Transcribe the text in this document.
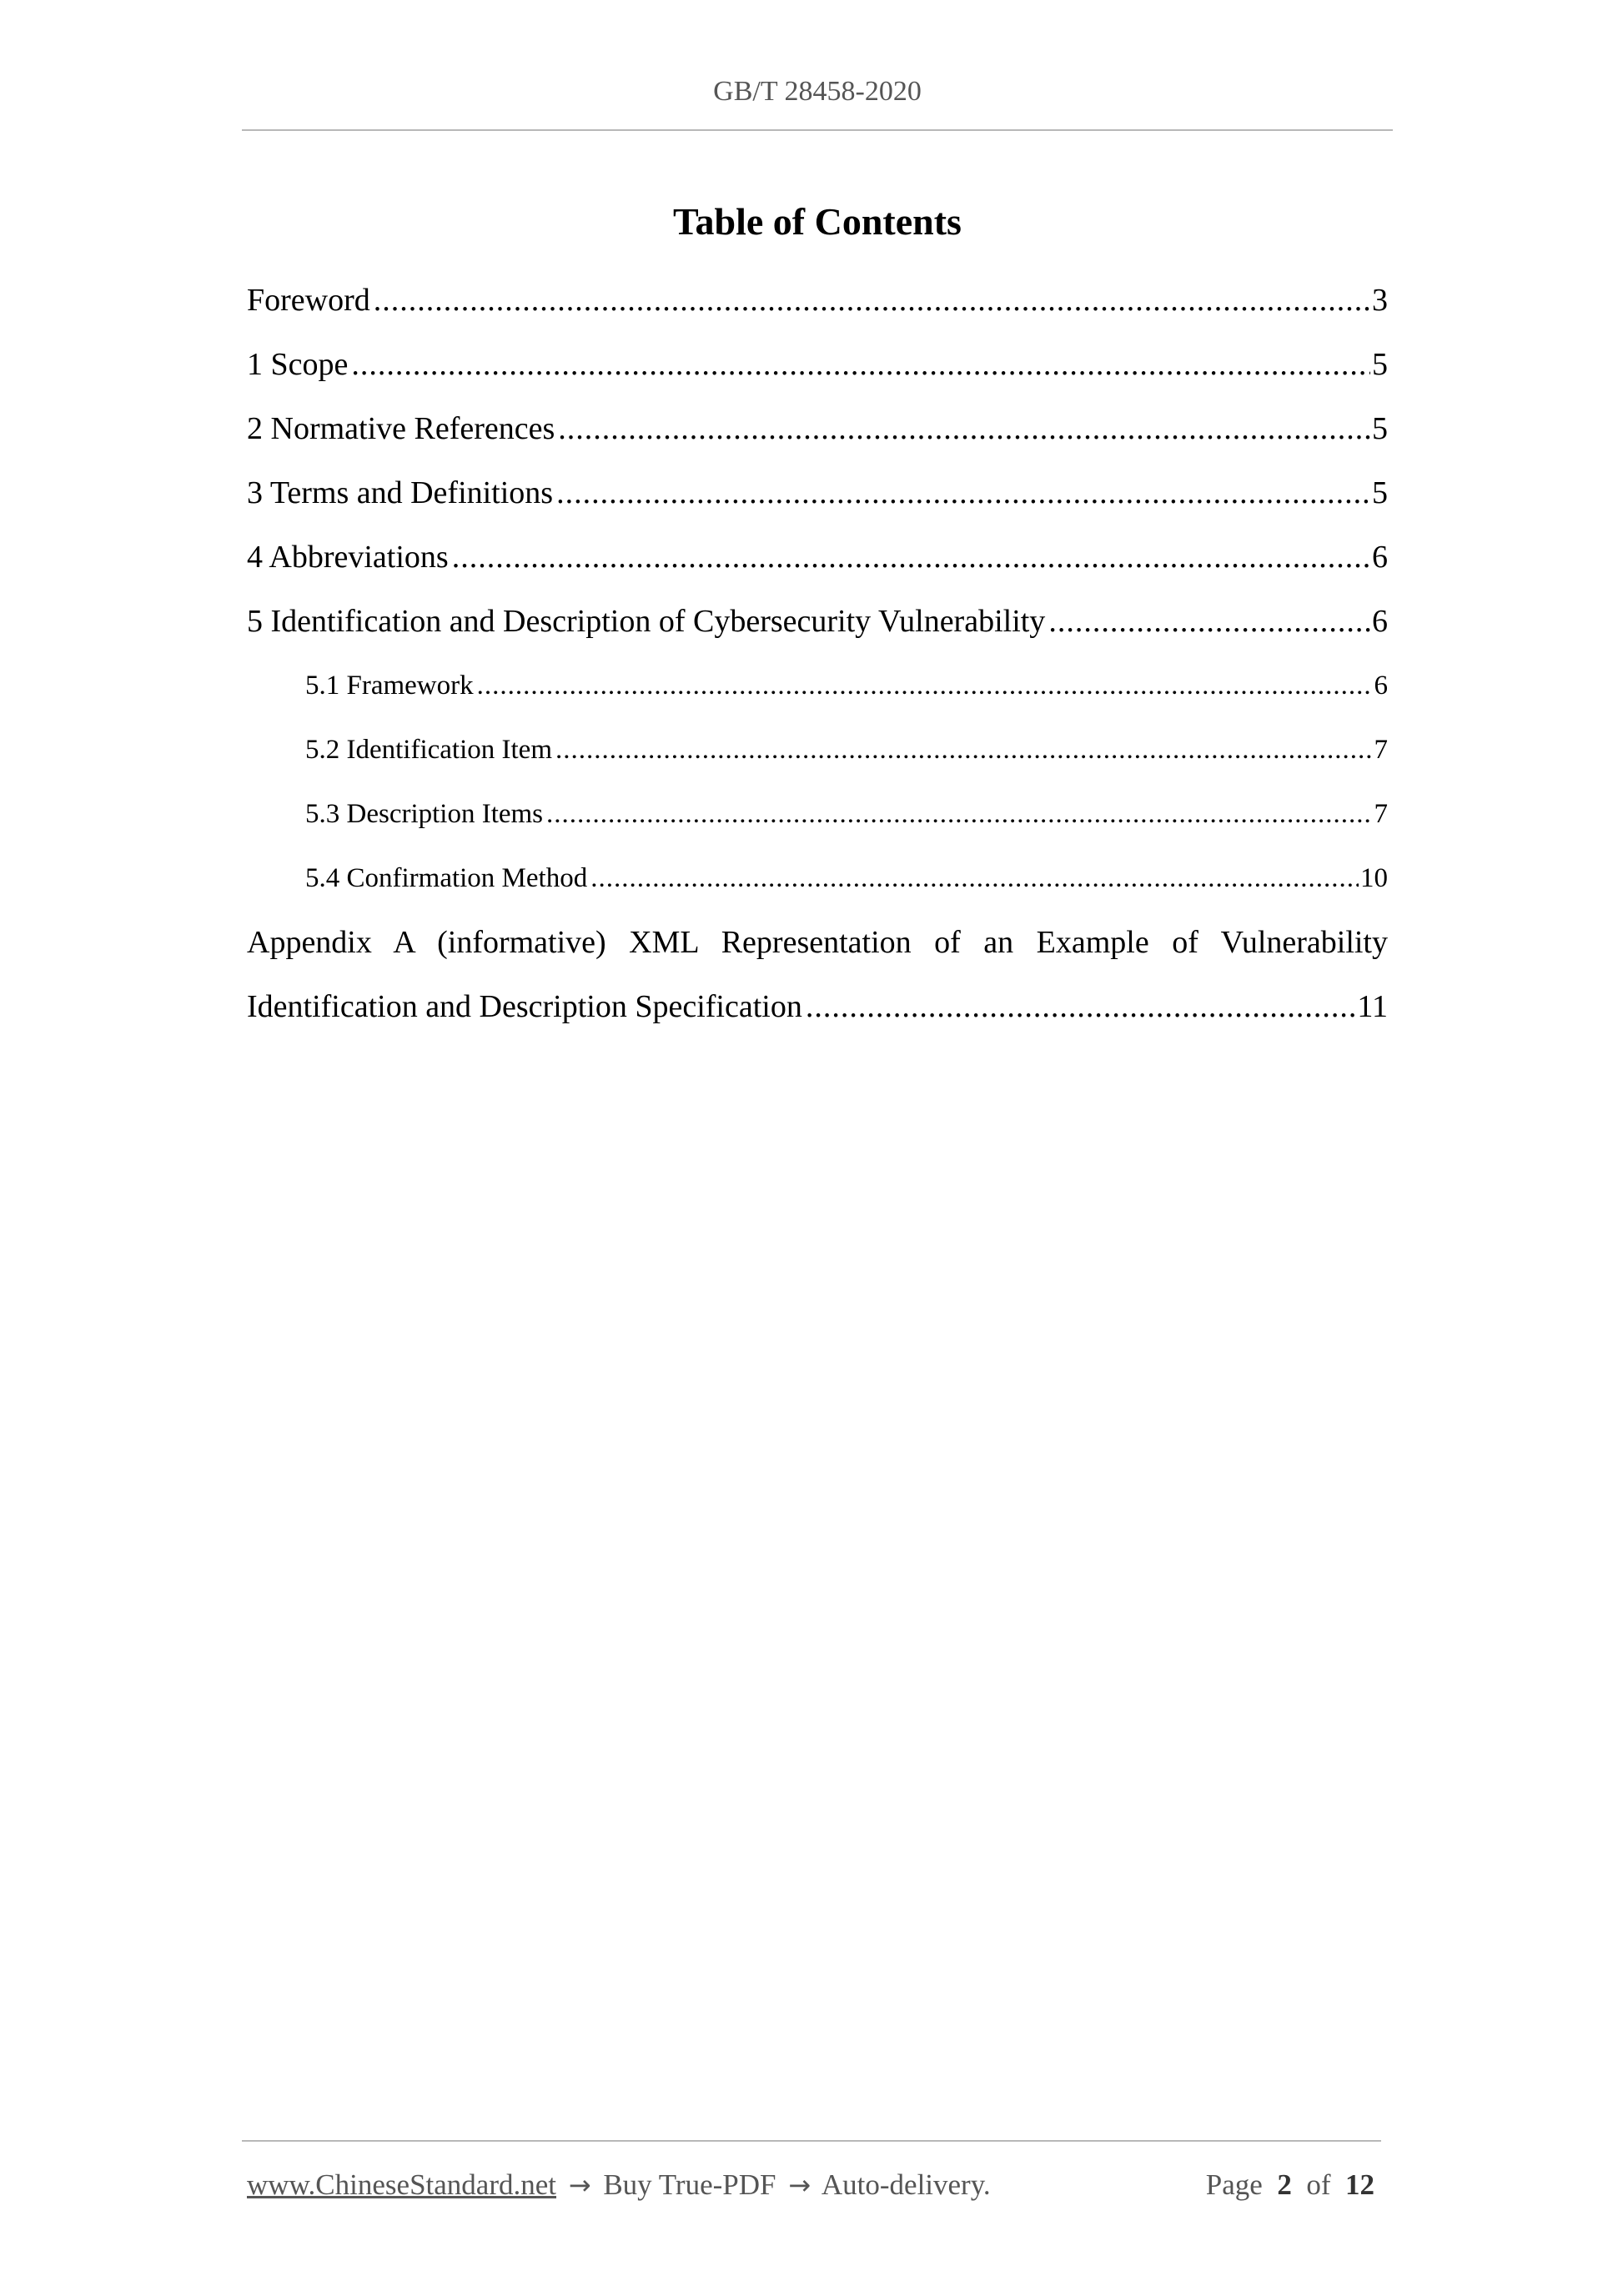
GB/T 28458-2020
Table of Contents
Foreword .....	3
1 Scope .....	5
2 Normative References .....	5
3 Terms and Definitions .....	5
4 Abbreviations .....	6
5 Identification and Description of Cybersecurity Vulnerability .....	6
5.1 Framework .....	6
5.2 Identification Item .....	7
5.3 Description Items .....	7
5.4 Confirmation Method .....	10
Appendix A (informative) XML Representation of an Example of Vulnerability
Identification and Description Specification .....	11
www.ChineseStandard.net → Buy True-PDF → Auto-delivery.	Page 2 of 12
